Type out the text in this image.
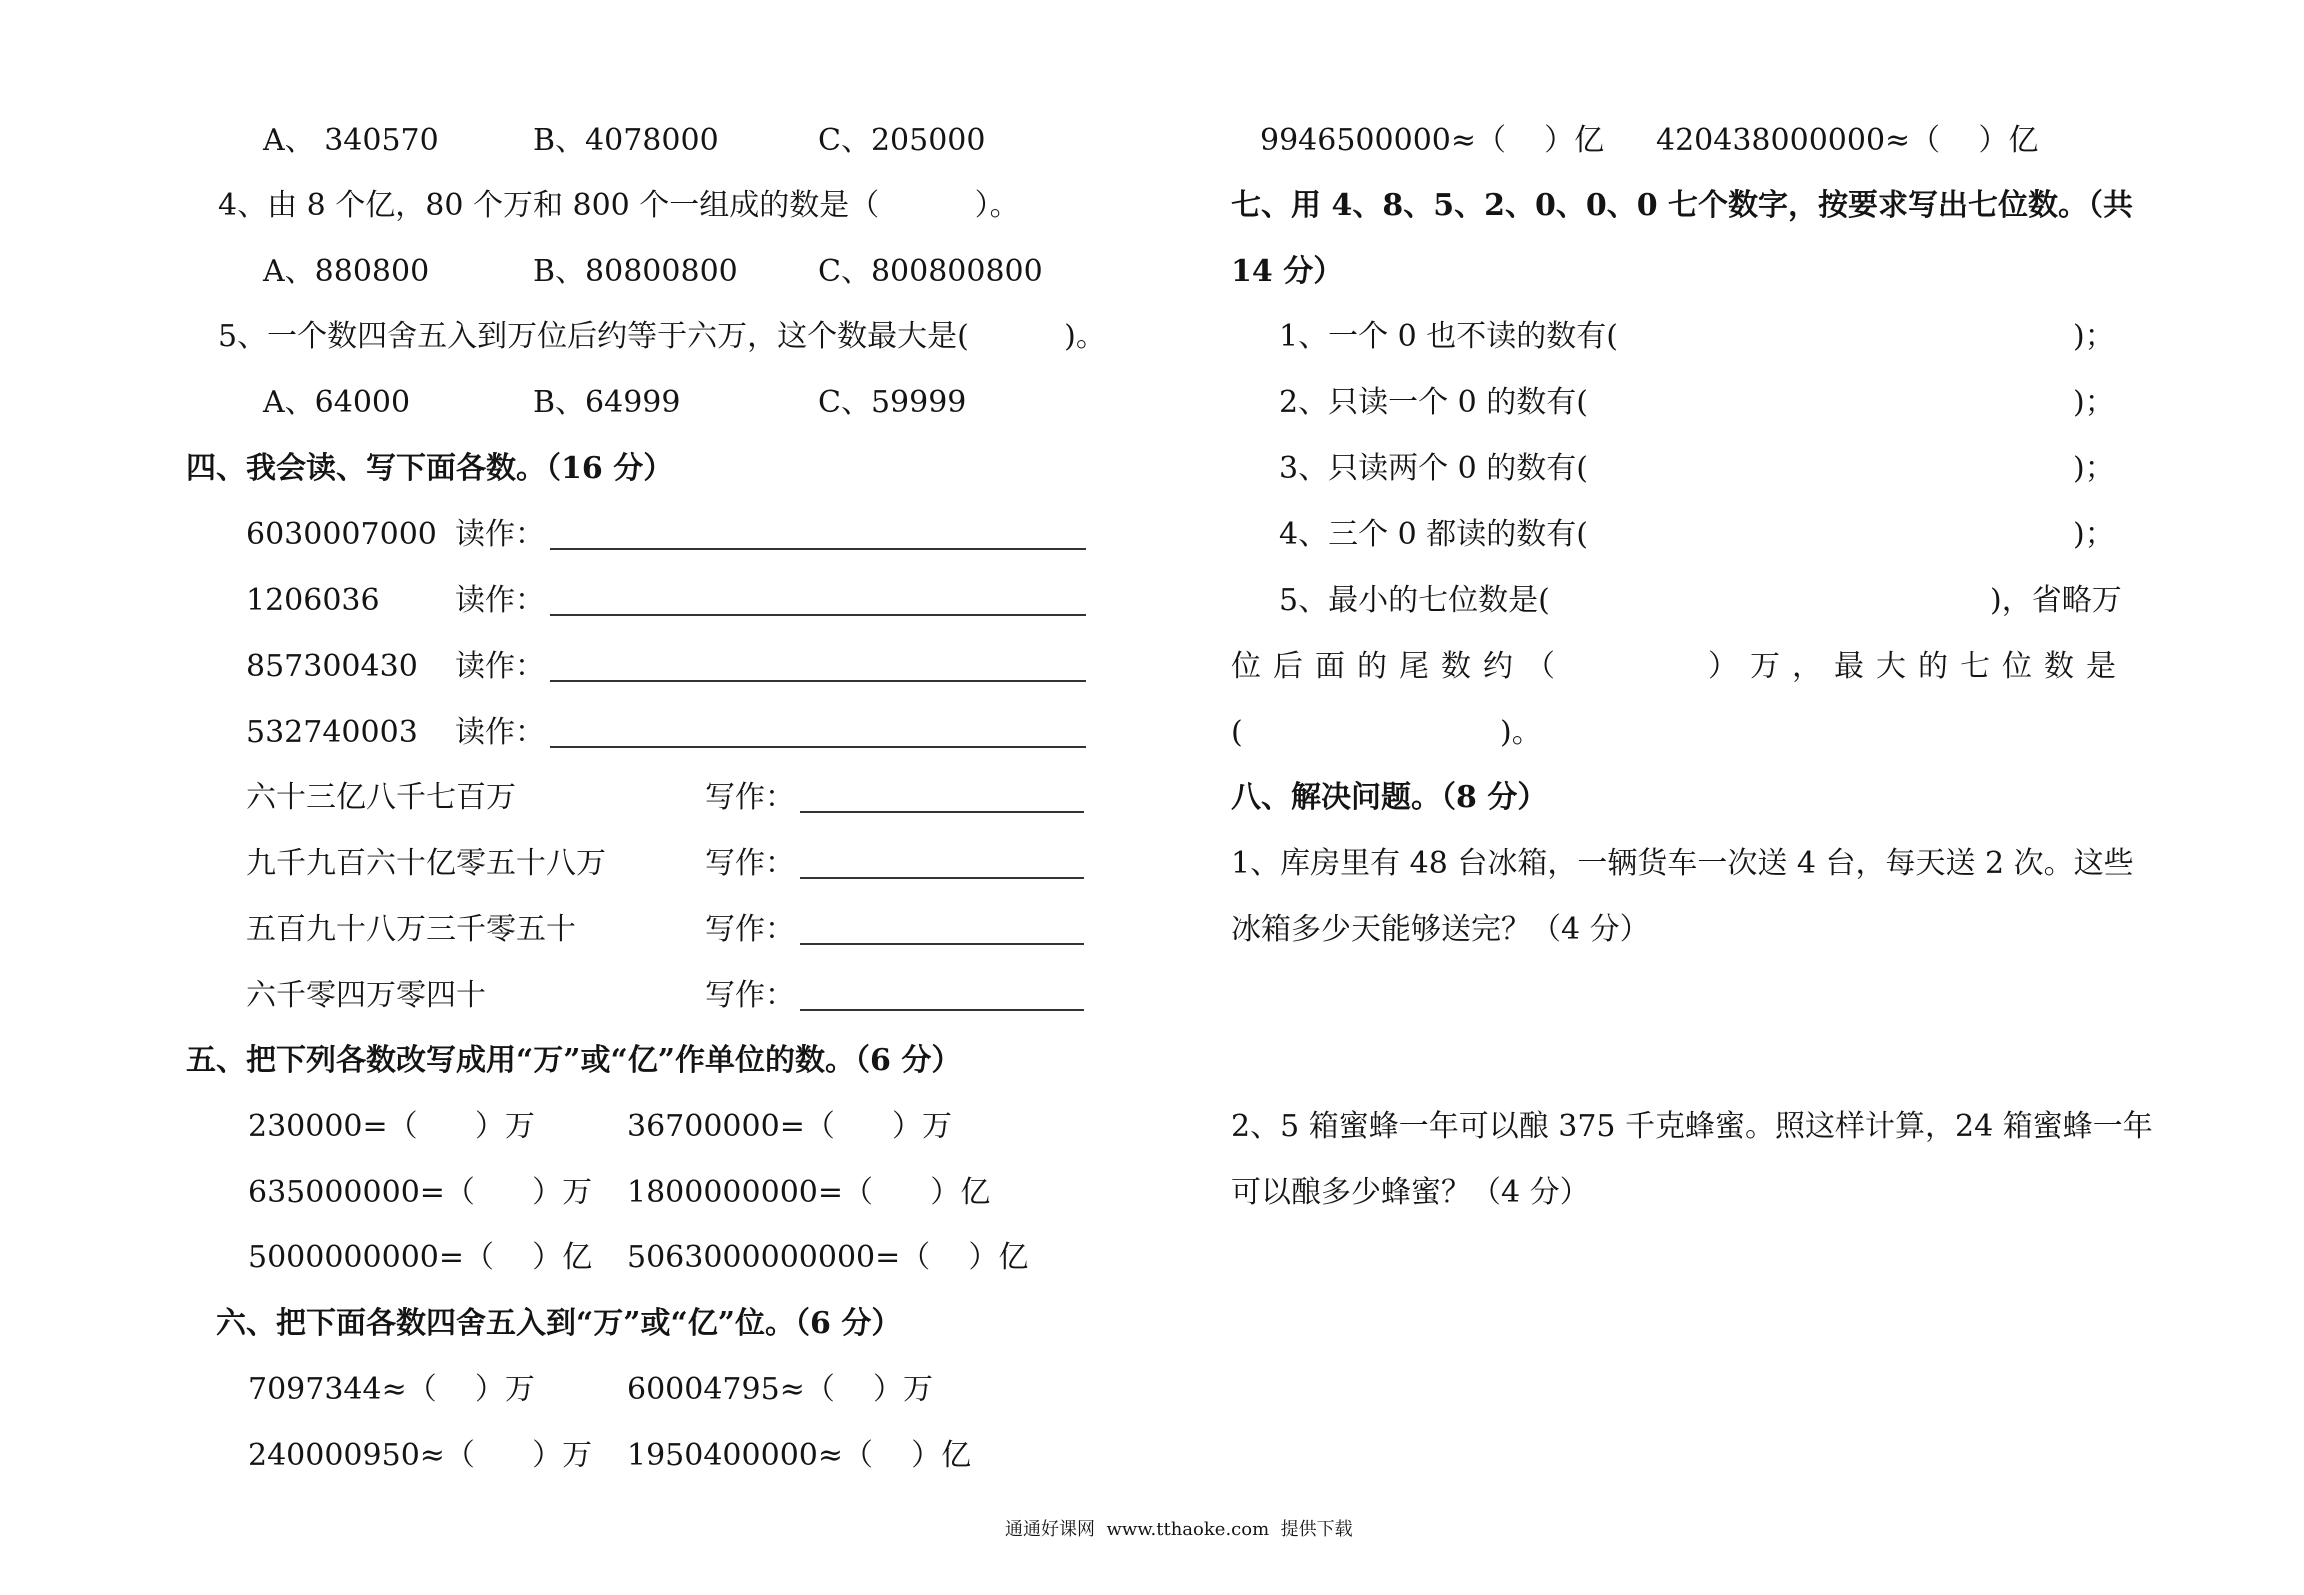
A、 340570	B、4078000	C、205000
4、由 8 个亿，80 个万和 800 个一组成的数是（          ）。
A、880800	B、80800800	C、800800800
5、一个数四舍五入到万位后约等于六万，这个数最大是(          )。
A、64000	B、64999	C、59999
四、我会读、写下面各数。（16 分）
6030007000 读作：
1206036	读作：
857300430 读作：
532740003 读作：
六十三亿八千七百万	写作：
九千九百六十亿零五十八万	写作：
五百九十八万三千零五十	写作：
六千零四万零四十	写作：
五、把下列各数改写成用“万”或“亿”作单位的数。（6 分）
230000=（      ）万	36700000=（      ）万
635000000=（      ）万 1800000000=（      ）亿
5000000000=（    ）亿 5063000000000=（    ）亿
六、把下面各数四舍五入到“万”或“亿”位。（6 分）
7097344≈（    ）万	60004795≈（    ）万
240000950≈（      ）万 1950400000≈（    ）亿
9946500000≈（    ）亿 420438000000≈（    ）亿
七、用 4、8、5、2、0、0、0 七个数字，按要求写出七位数。（共
14 分）
1、一个 0 也不读的数有(	)；
2、只读一个 0 的数有(	)；
3、只读两个 0 的数有(	)；
4、三个 0 都读的数有(	)；
5、最小的七位数是(	)，省略万
位后面的尾数约（	）万，最大的七位数是
(	)。
八、解决问题。（8 分）
1、库房里有 48 台冰箱，一辆货车一次送 4 台，每天送 2 次。这些
冰箱多少天能够送完？（4 分）
2、5 箱蜜蜂一年可以酿 375 千克蜂蜜。照这样计算，24 箱蜜蜂一年
可以酿多少蜂蜜？（4 分）
通通好课网  www.tthaoke.com  提供下载
